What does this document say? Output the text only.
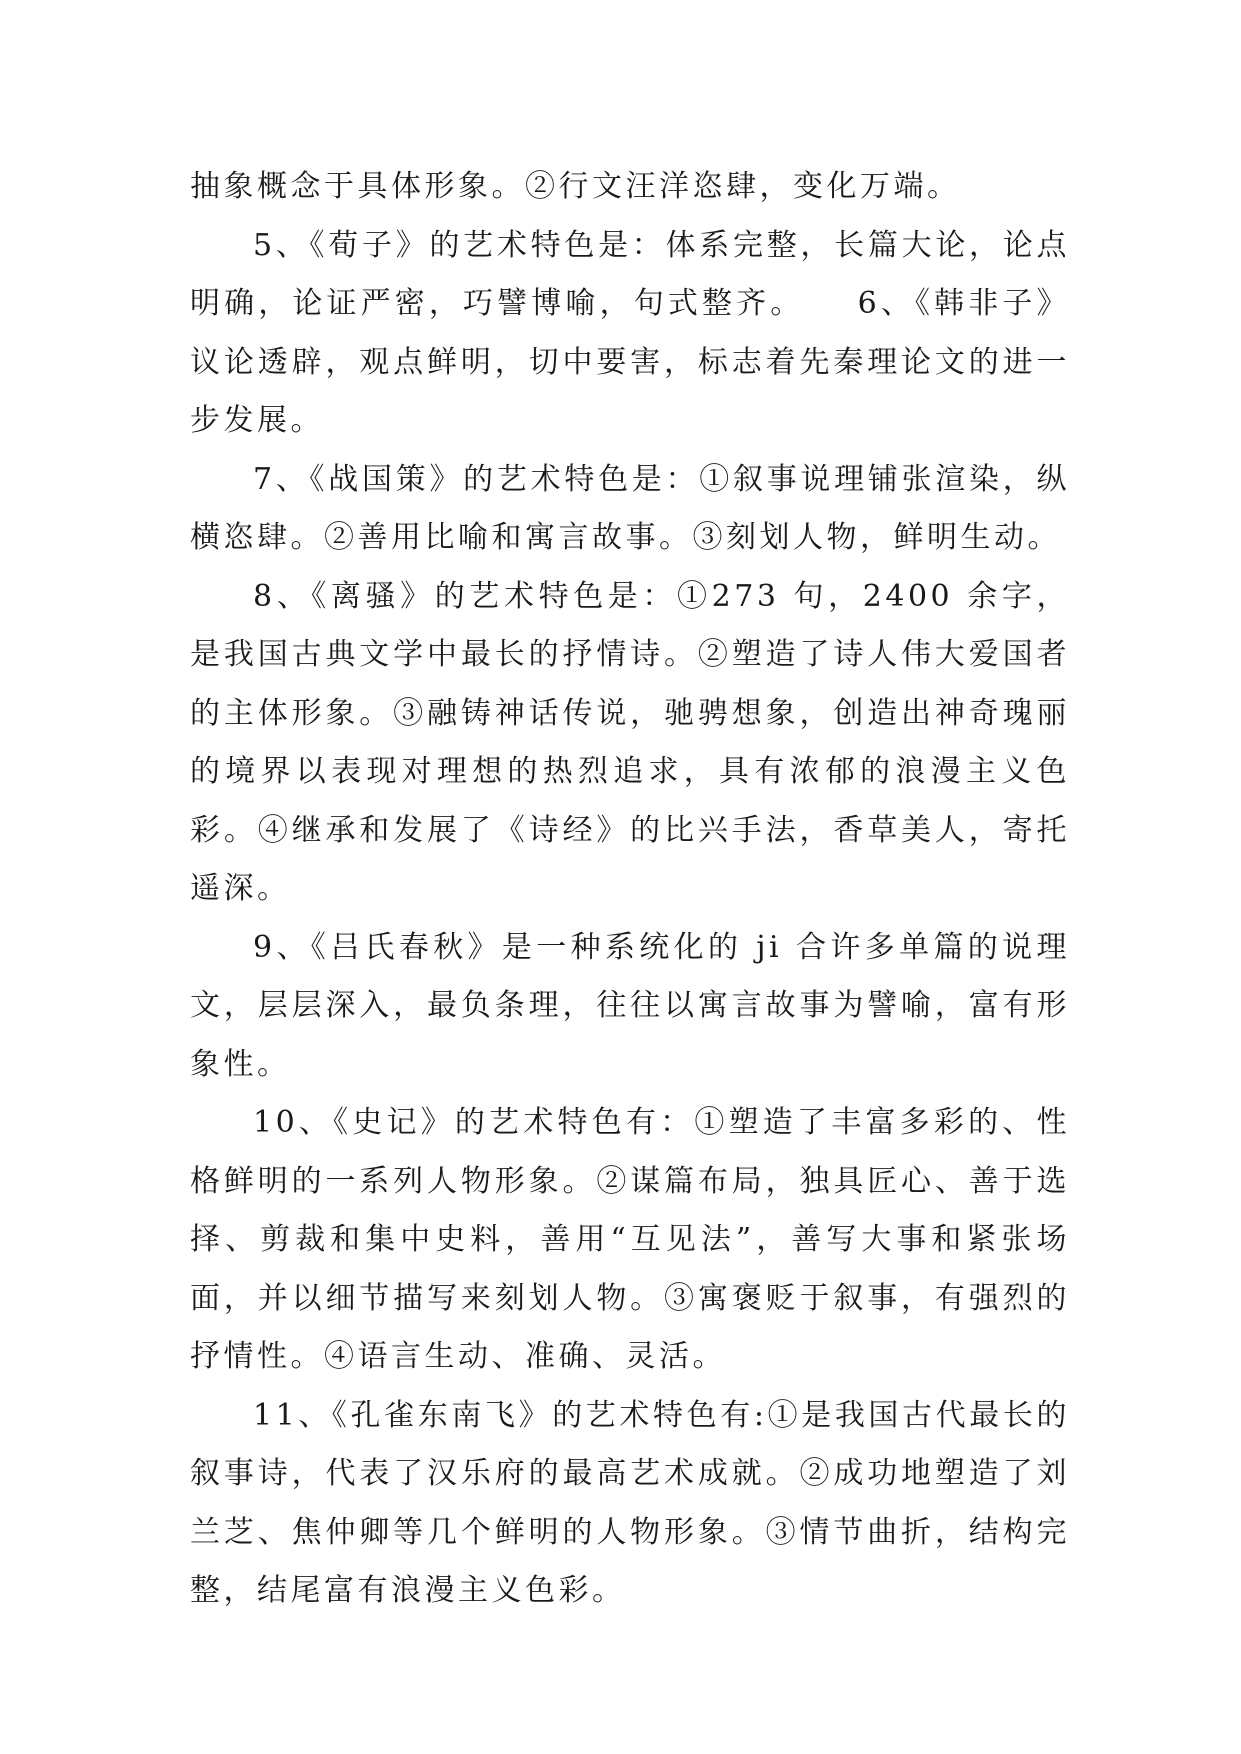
抽象概念于具体形象。②行文汪洋恣肆，变化万端。

5、《荀子》的艺术特色是：体系完整，长篇大论，论点明确，论证严密，巧譬博喻，句式整齐。　　6、《韩非子》议论透辟，观点鲜明，切中要害，标志着先秦理论文的进一步发展。

7、《战国策》的艺术特色是：①叙事说理铺张渲染，纵横恣肆。②善用比喻和寓言故事。③刻划人物，鲜明生动。

8、《离骚》的艺术特色是：①273 句，2400 余字，是我国古典文学中最长的抒情诗。②塑造了诗人伟大爱国者的主体形象。③融铸神话传说，驰骋想象，创造出神奇瑰丽的境界以表现对理想的热烈追求，具有浓郁的浪漫主义色彩。④继承和发展了《诗经》的比兴手法，香草美人，寄托遥深。

9、《吕氏春秋》是一种系统化的 ji 合许多单篇的说理文，层层深入，最负条理，往往以寓言故事为譬喻，富有形象性。

10、《史记》的艺术特色有：①塑造了丰富多彩的、性格鲜明的一系列人物形象。②谋篇布局，独具匠心、善于选择、剪裁和集中史料，善用“互见法”，善写大事和紧张场面，并以细节描写来刻划人物。③寓褒贬于叙事，有强烈的抒情性。④语言生动、准确、灵活。

11、《孔雀东南飞》的艺术特色有:①是我国古代最长的叙事诗，代表了汉乐府的最高艺术成就。②成功地塑造了刘兰芝、焦仲卿等几个鲜明的人物形象。③情节曲折，结构完整，结尾富有浪漫主义色彩。
